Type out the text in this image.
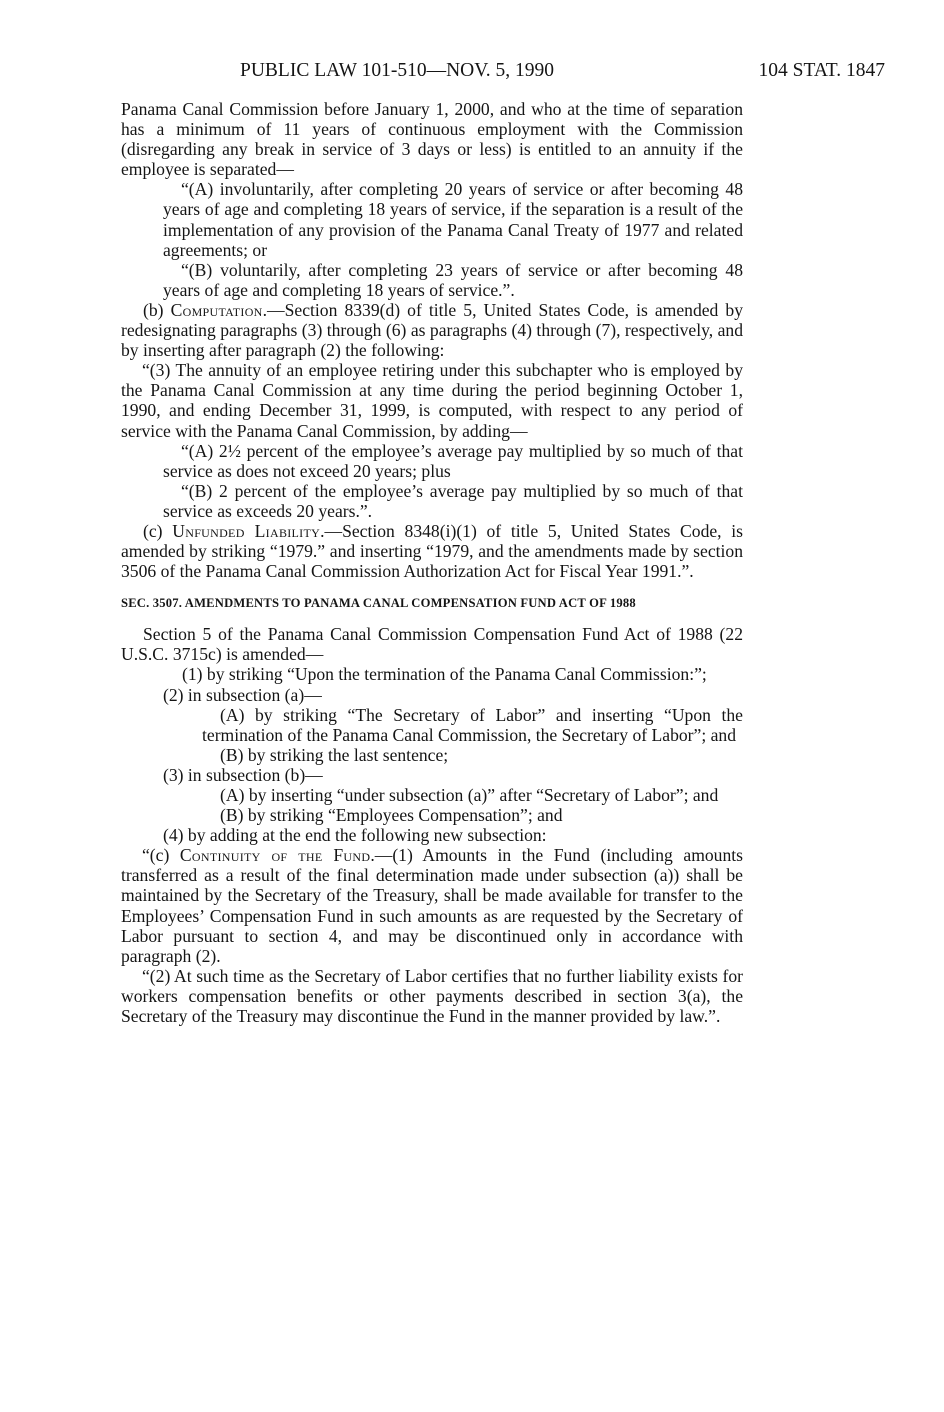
PUBLIC LAW 101-510—NOV. 5, 1990	104 STAT. 1847

Panama Canal Commission before January 1, 2000, and who at the time of separation has a minimum of 11 years of continuous employment with the Commission (disregarding any break in service of 3 days or less) is entitled to an annuity if the employee is separated—

“(A) involuntarily, after completing 20 years of service or after becoming 48 years of age and completing 18 years of service, if the separation is a result of the implementation of any provision of the Panama Canal Treaty of 1977 and related agreements; or

“(B) voluntarily, after completing 23 years of service or after becoming 48 years of age and completing 18 years of service.”.

(b) Computation.—Section 8339(d) of title 5, United States Code, is amended by redesignating paragraphs (3) through (6) as paragraphs (4) through (7), respectively, and by inserting after paragraph (2) the following:

“(3) The annuity of an employee retiring under this subchapter who is employed by the Panama Canal Commission at any time during the period beginning October 1, 1990, and ending December 31, 1999, is computed, with respect to any period of service with the Panama Canal Commission, by adding—

“(A) 2½ percent of the employee’s average pay multiplied by so much of that service as does not exceed 20 years; plus

“(B) 2 percent of the employee’s average pay multiplied by so much of that service as exceeds 20 years.”.

(c) Unfunded Liability.—Section 8348(i)(1) of title 5, United States Code, is amended by striking “1979.” and inserting “1979, and the amendments made by section 3506 of the Panama Canal Commission Authorization Act for Fiscal Year 1991.”.

SEC. 3507. AMENDMENTS TO PANAMA CANAL COMPENSATION FUND ACT OF 1988

Section 5 of the Panama Canal Commission Compensation Fund Act of 1988 (22 U.S.C. 3715c) is amended—

(1) by striking “Upon the termination of the Panama Canal Commission:”;

(2) in subsection (a)—

(A) by striking “The Secretary of Labor” and inserting “Upon the termination of the Panama Canal Commission, the Secretary of Labor”; and

(B) by striking the last sentence;

(3) in subsection (b)—

(A) by inserting “under subsection (a)” after “Secretary of Labor”; and

(B) by striking “Employees Compensation”; and

(4) by adding at the end the following new subsection:

“(c) Continuity of the Fund.—(1) Amounts in the Fund (including amounts transferred as a result of the final determination made under subsection (a)) shall be maintained by the Secretary of the Treasury, shall be made available for transfer to the Employees’ Compensation Fund in such amounts as are requested by the Secretary of Labor pursuant to section 4, and may be discontinued only in accordance with paragraph (2).

“(2) At such time as the Secretary of Labor certifies that no further liability exists for workers compensation benefits or other payments described in section 3(a), the Secretary of the Treasury may discontinue the Fund in the manner provided by law.”.
